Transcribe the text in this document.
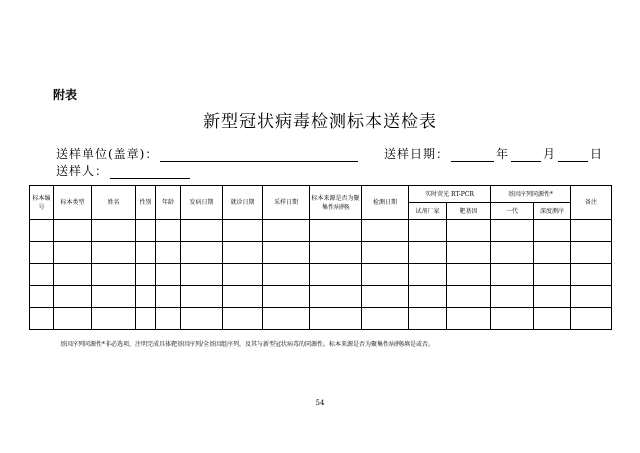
附表
新型冠状病毒检测标本送检表
送样单位(盖章)：	送样日期：	年	月	日
送样人：
标本编号	标本类型	姓名	性别	年龄	发病日期	就诊日期	采样日期	标本来源是否为聚集性病例§	检测日期	实时荧光 RT-PCR		基因序列同源性*		备注
										试剂厂家	靶基因	一代	深度测序	

基因序列同源性*非必选项，注明完成具体靶基因序列/全基因组序列，及其与新型冠状病毒的同源性。标本来源是否为聚集性病例§填是或否。
54
